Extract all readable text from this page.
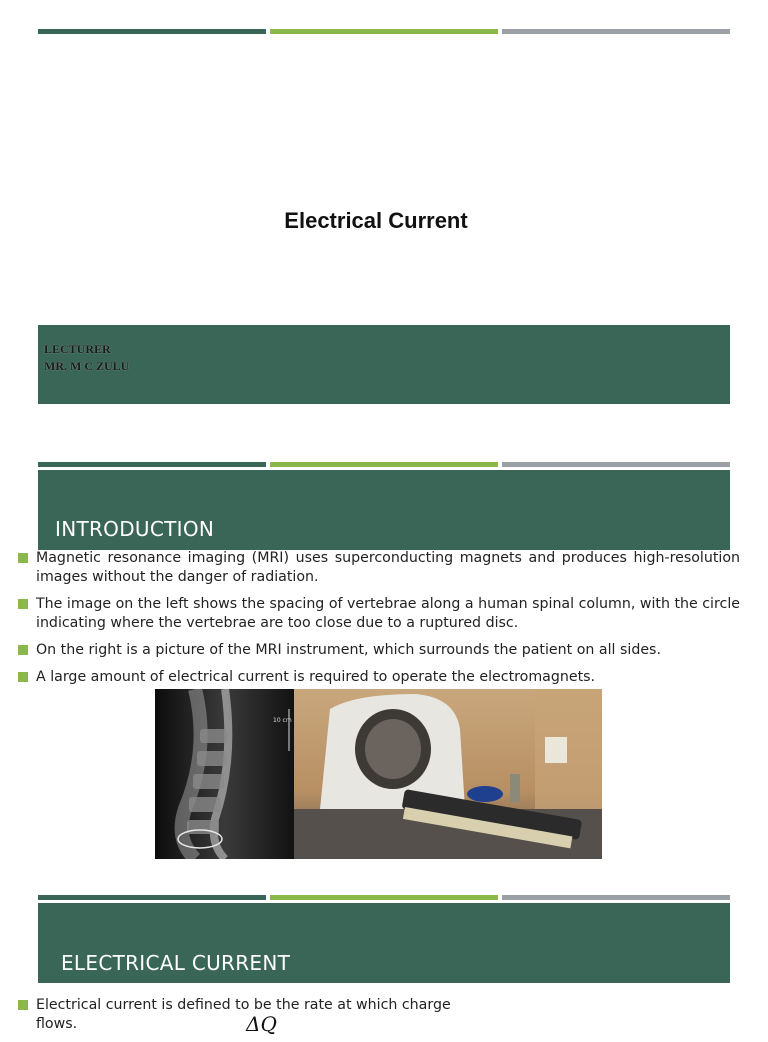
Electrical Current
LECTURER
MR. M C ZULU
INTRODUCTION
Magnetic resonance imaging (MRI) uses superconducting magnets and produces high-resolution images without the danger of radiation.
The image on the left shows the spacing of vertebrae along a human spinal column, with the circle indicating where the vertebrae are too close due to a ruptured disc.
On the right is a picture of the MRI instrument, which surrounds the patient on all sides.
A large amount of electrical current is required to operate the electromagnets.
10 cm
ELECTRICAL CURRENT
Electrical current is defined to be the rate at which charge flows.	ΔQ
